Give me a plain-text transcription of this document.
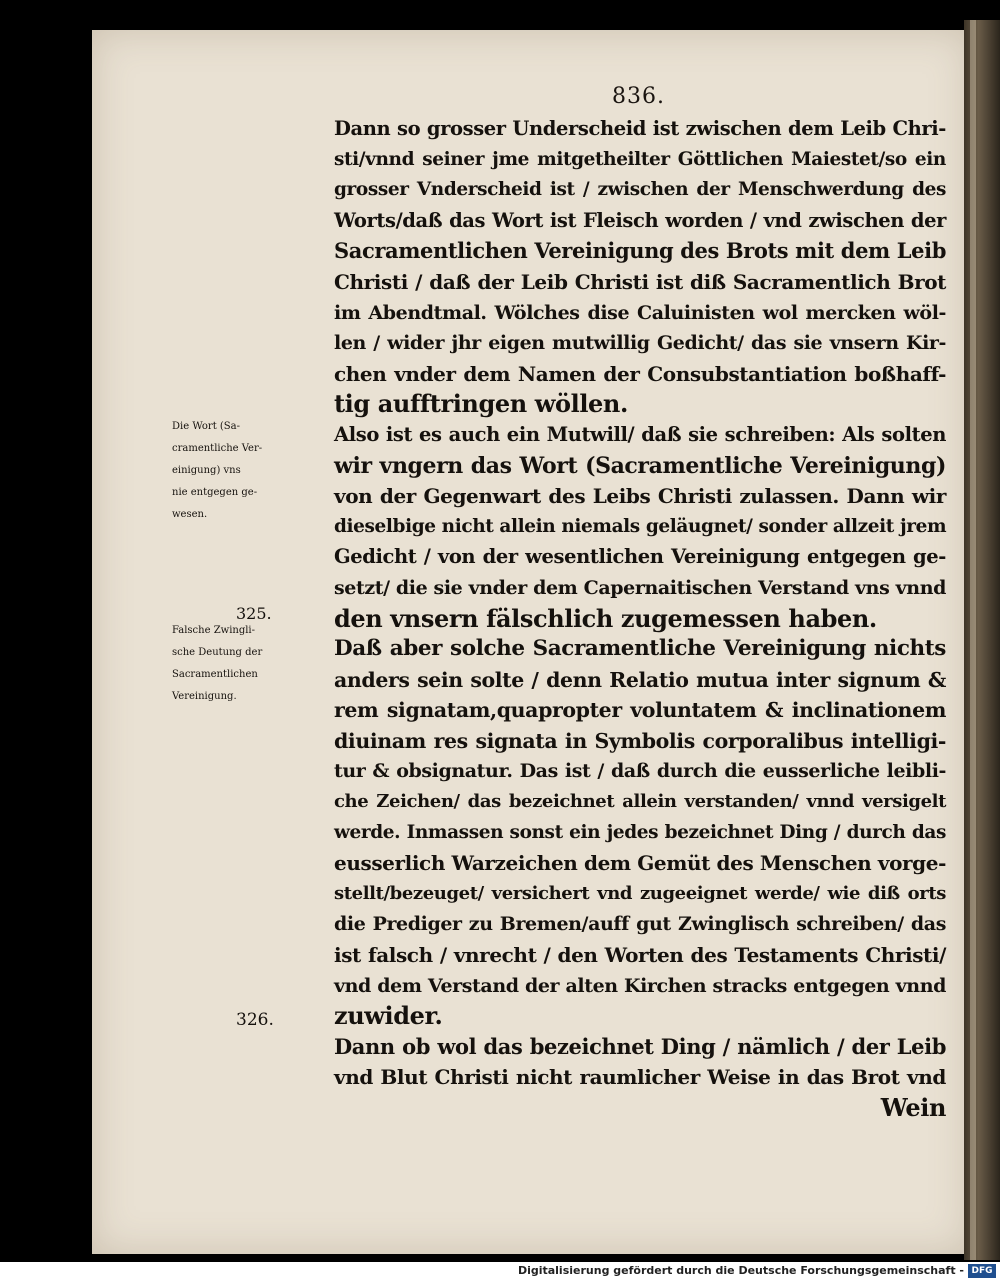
836.
Dann so grosser Underscheid ist zwischen dem Leib Chri-
sti/vnnd seiner jme mitgetheilter Göttlichen Maiestet/so ein
grosser Vnderscheid ist / zwischen der Menschwerdung des
Worts/daß das Wort ist Fleisch worden / vnd zwischen der
Sacramentlichen Vereinigung des Brots mit dem Leib
Christi / daß der Leib Christi ist diß Sacramentlich Brot
im Abendtmal. Wölches dise Caluinisten wol mercken wöl-
len / wider jhr eigen mutwillig Gedicht/ das sie vnsern Kir-
chen vnder dem Namen der Consubstantiation boßhaff-
tig aufftringen wöllen.
Also ist es auch ein Mutwill/ daß sie schreiben: Als solten
wir vngern das Wort (Sacramentliche Vereinigung)
von der Gegenwart des Leibs Christi zulassen. Dann wir
dieselbige nicht allein niemals geläugnet/ sonder allzeit jrem
Gedicht / von der wesentlichen Vereinigung entgegen ge-
setzt/ die sie vnder dem Capernaitischen Verstand vns vnnd
den vnsern fälschlich zugemessen haben.
Daß aber solche Sacramentliche Vereinigung nichts
anders sein solte / denn Relatio mutua inter signum &
rem signatam,quapropter voluntatem & inclinationem
diuinam res signata in Symbolis corporalibus intelligi-
tur & obsignatur. Das ist / daß durch die eusserliche leibli-
che Zeichen/ das bezeichnet allein verstanden/ vnnd versigelt
werde. Inmassen sonst ein jedes bezeichnet Ding / durch das
eusserlich Warzeichen dem Gemüt des Menschen vorge-
stellt/bezeuget/ versichert vnd zugeeignet werde/ wie diß orts
die Prediger zu Bremen/auff gut Zwinglisch schreiben/ das
ist falsch / vnrecht / den Worten des Testaments Christi/
vnd dem Verstand der alten Kirchen stracks entgegen vnnd
zuwider.
Dann ob wol das bezeichnet Ding / nämlich / der Leib
vnd Blut Christi nicht raumlicher Weise in das Brot vnd
Wein
Die Wort (Sa-
cramentliche Ver-
einigung) vns
nie entgegen ge-
wesen.
325.
Falsche Zwingli-
sche Deutung der
Sacramentlichen
Vereinigung.
326.
Digitalisierung gefördert durch die Deutsche Forschungsgemeinschaft - DFG
